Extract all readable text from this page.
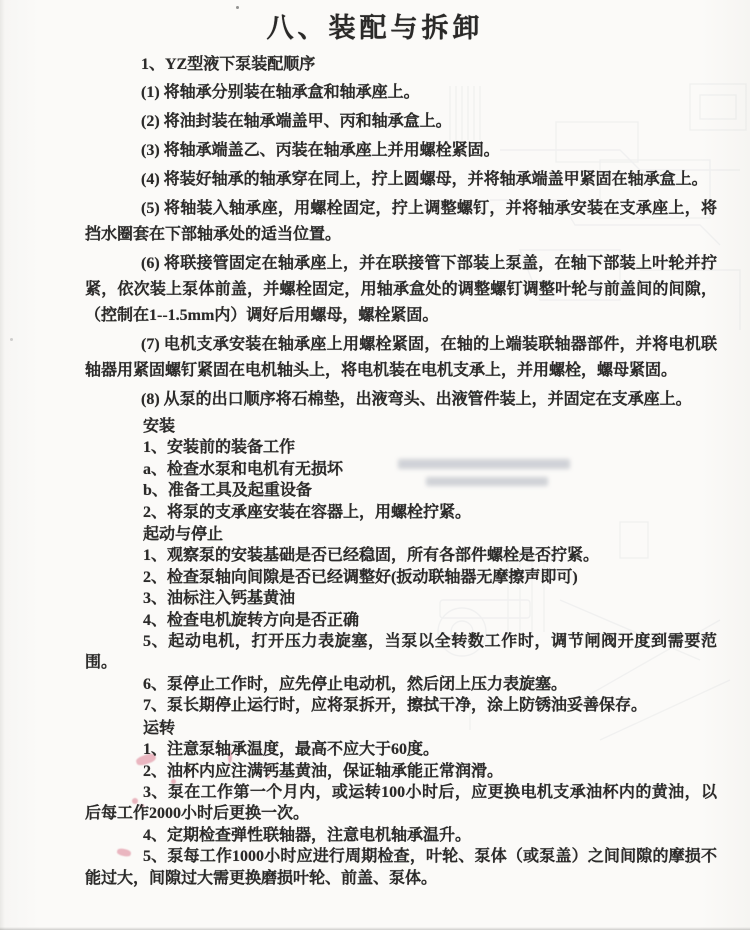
八、装配与拆卸

1、YZ型液下泵装配顺序

(1) 将轴承分别装在轴承盒和轴承座上。

(2) 将油封装在轴承端盖甲、丙和轴承盒上。

(3) 将轴承端盖乙、丙装在轴承座上并用螺栓紧固。

(4) 将装好轴承的轴承穿在同上，拧上圆螺母，并将轴承端盖甲紧固在轴承盒上。

(5) 将轴装入轴承座，用螺栓固定，拧上调整螺钉，并将轴承安装在支承座上，将挡水圈套在下部轴承处的适当位置。

(6) 将联接管固定在轴承座上，并在联接管下部装上泵盖，在轴下部装上叶轮并拧紧，依次装上泵体前盖，并螺栓固定，用轴承盒处的调整螺钉调整叶轮与前盖间的间隙，（控制在1--1.5mm内）调好后用螺母，螺栓紧固。

(7) 电机支承安装在轴承座上用螺栓紧固，在轴的上端装联轴器部件，并将电机联轴器用紧固螺钉紧固在电机轴头上，将电机装在电机支承上，并用螺栓，螺母紧固。

(8) 从泵的出口顺序将石棉垫，出液弯头、出液管件装上，并固定在支承座上。

安装

1、安装前的装备工作

a、检查水泵和电机有无损坏

b、准备工具及起重设备

2、将泵的支承座安装在容器上，用螺栓拧紧。

起动与停止

1、观察泵的安装基础是否已经稳固，所有各部件螺栓是否拧紧。

2、检查泵轴向间隙是否已经调整好(扳动联轴器无摩擦声即可)

3、油标注入钙基黄油

4、检查电机旋转方向是否正确

5、起动电机，打开压力表旋塞，当泵以全转数工作时，调节闸阀开度到需要范围。

6、泵停止工作时，应先停止电动机，然后闭上压力表旋塞。

7、泵长期停止运行时，应将泵拆开，擦拭干净，涂上防锈油妥善保存。

运转

1、注意泵轴承温度，最高不应大于60度。

2、油杯内应注满钙基黄油，保证轴承能正常润滑。

3、泵在工作第一个月内，或运转100小时后，应更换电机支承油杯内的黄油，以后每工作2000小时后更换一次。

4、定期检查弹性联轴器，注意电机轴承温升。

5、泵每工作1000小时应进行周期检查，叶轮、泵体（或泵盖）之间间隙的摩损不能过大，间隙过大需更换磨损叶轮、前盖、泵体。
